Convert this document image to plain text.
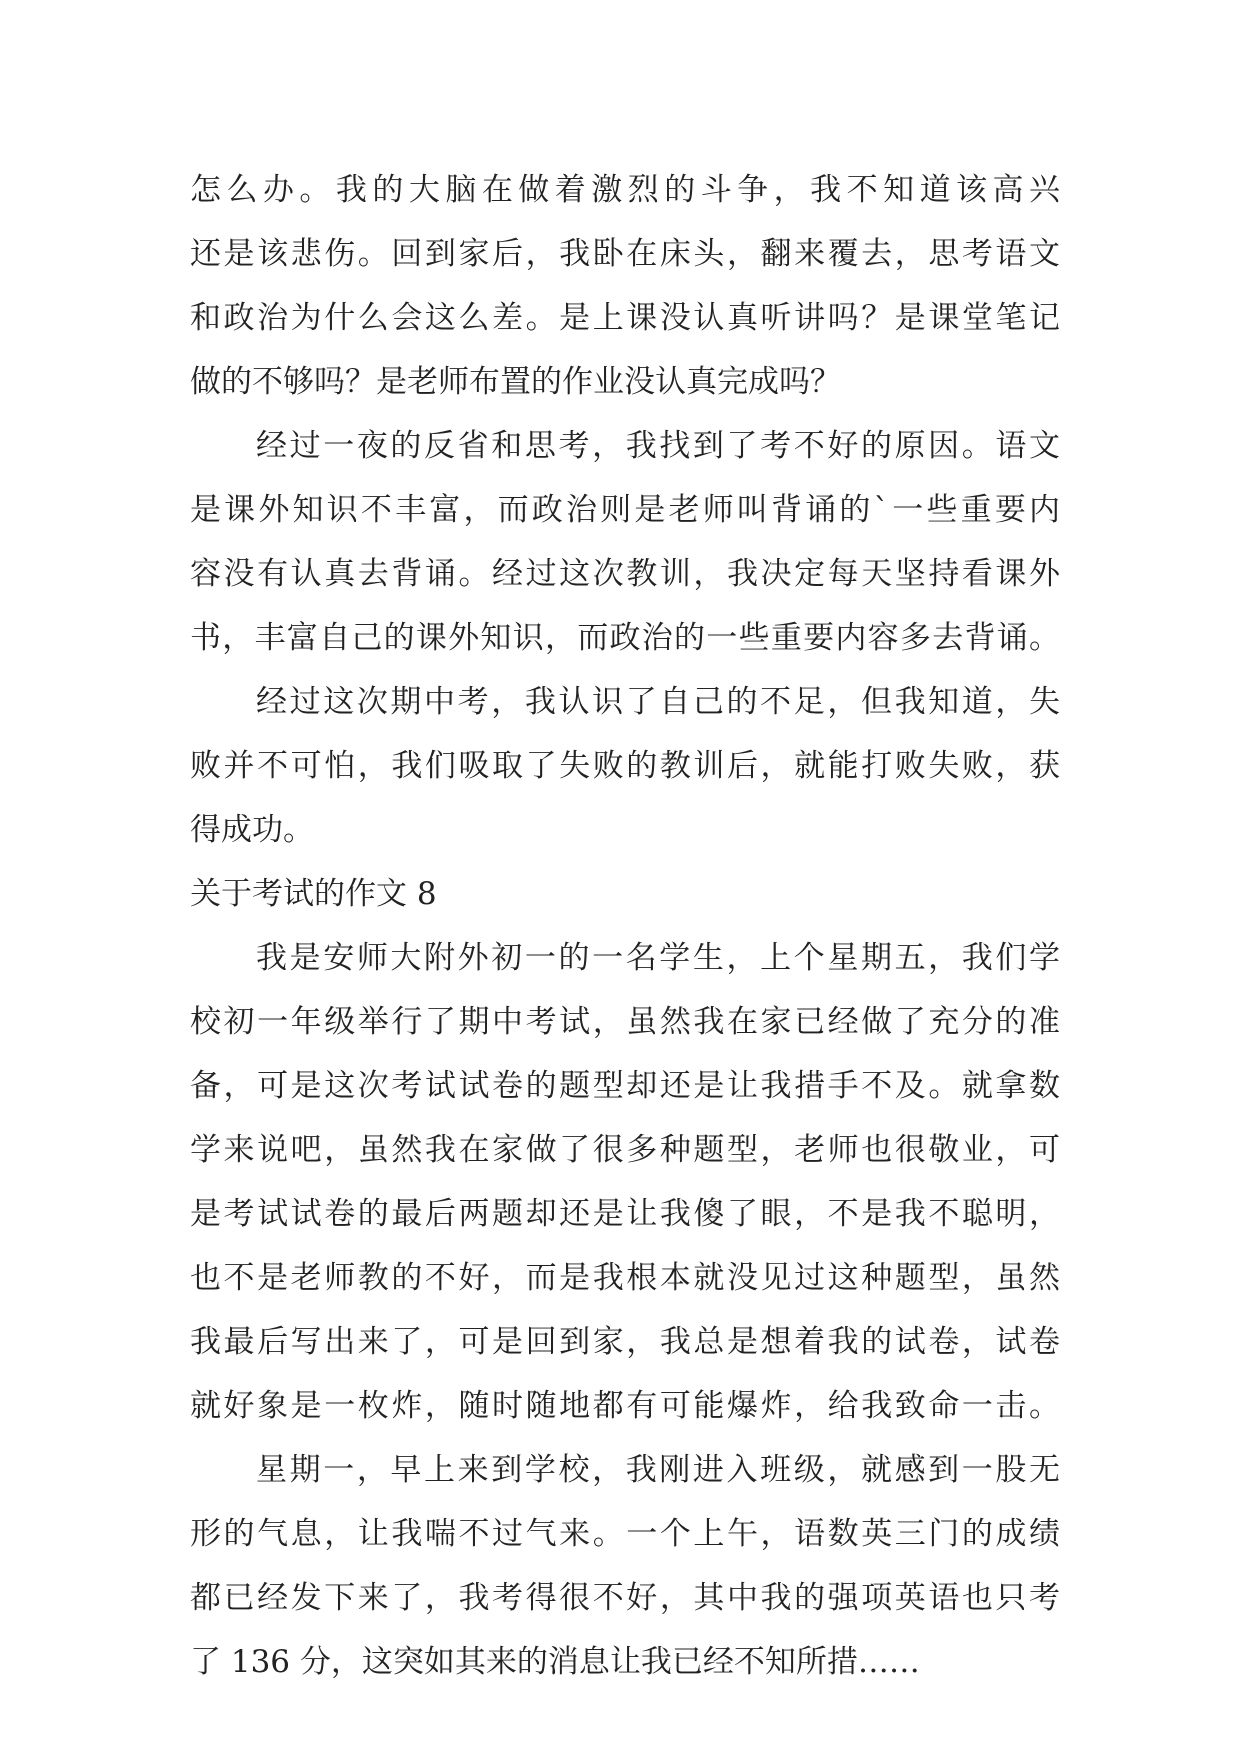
怎么办。我的大脑在做着激烈的斗争，我不知道该高兴
还是该悲伤。回到家后，我卧在床头，翻来覆去，思考语文
和政治为什么会这么差。是上课没认真听讲吗？是课堂笔记
做的不够吗？是老师布置的作业没认真完成吗？
经过一夜的反省和思考，我找到了考不好的原因。语文
是课外知识不丰富，而政治则是老师叫背诵的`一些重要内
容没有认真去背诵。经过这次教训，我决定每天坚持看课外
书，丰富自己的课外知识，而政治的一些重要内容多去背诵。
经过这次期中考，我认识了自己的不足，但我知道，失
败并不可怕，我们吸取了失败的教训后，就能打败失败，获
得成功。
关于考试的作文 8
我是安师大附外初一的一名学生，上个星期五，我们学
校初一年级举行了期中考试，虽然我在家已经做了充分的准
备，可是这次考试试卷的题型却还是让我措手不及。就拿数
学来说吧，虽然我在家做了很多种题型，老师也很敬业，可
是考试试卷的最后两题却还是让我傻了眼，不是我不聪明，
也不是老师教的不好，而是我根本就没见过这种题型，虽然
我最后写出来了，可是回到家，我总是想着我的试卷，试卷
就好象是一枚炸，随时随地都有可能爆炸，给我致命一击。
星期一，早上来到学校，我刚进入班级，就感到一股无
形的气息，让我喘不过气来。一个上午，语数英三门的成绩
都已经发下来了，我考得很不好，其中我的强项英语也只考
了 136 分，这突如其来的消息让我已经不知所措……
